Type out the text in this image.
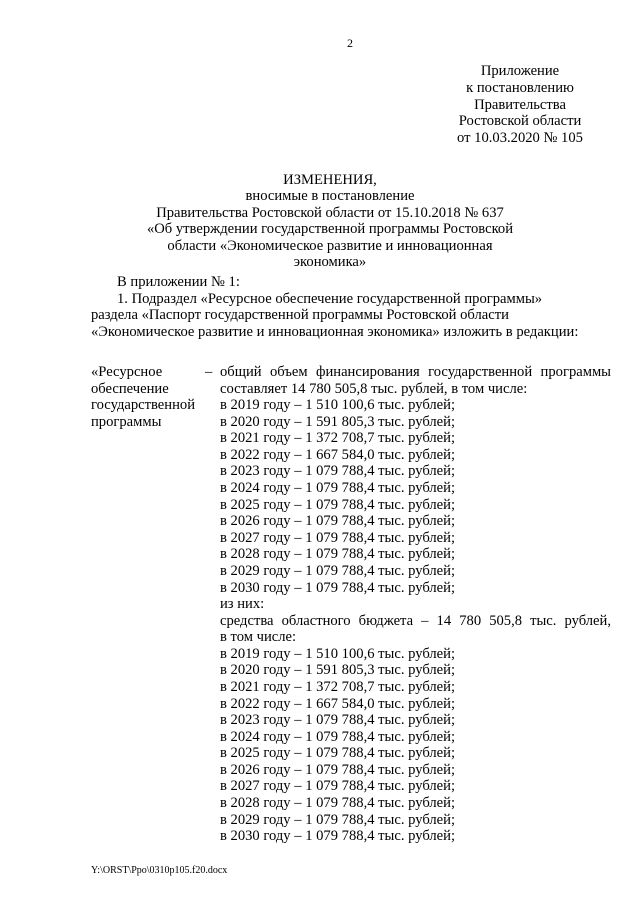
2
Приложение
к постановлению
Правительства
Ростовской области
от 10.03.2020 № 105
ИЗМЕНЕНИЯ,
вносимые в постановление
Правительства Ростовской области от 15.10.2018 № 637
«Об утверждении государственной программы Ростовской
области «Экономическое развитие и инновационная экономика»

В приложении № 1:

1. Подраздел «Ресурсное обеспечение государственной программы»

раздела «Паспорт государственной программы Ростовской области

«Экономическое развитие и инновационная экономика» изложить в редакции:

«Ресурсное
обеспечение
государственной
программы
– общий объем финансирования государственной программы
составляет 14 780 505,8 тыс. рублей, в том числе:
в 2019 году – 1 510 100,6 тыс. рублей;
в 2020 году – 1 591 805,3 тыс. рублей;
в 2021 году – 1 372 708,7 тыс. рублей;
в 2022 году – 1 667 584,0 тыс. рублей;
в 2023 году – 1 079 788,4 тыс. рублей;
в 2024 году – 1 079 788,4 тыс. рублей;
в 2025 году – 1 079 788,4 тыс. рублей;
в 2026 году – 1 079 788,4 тыс. рублей;
в 2027 году – 1 079 788,4 тыс. рублей;
в 2028 году – 1 079 788,4 тыс. рублей;
в 2029 году – 1 079 788,4 тыс. рублей;
в 2030 году – 1 079 788,4 тыс. рублей;
из них:
средства областного бюджета – 14 780 505,8 тыс. рублей,
в том числе:
в 2019 году – 1 510 100,6 тыс. рублей;
в 2020 году – 1 591 805,3 тыс. рублей;
в 2021 году – 1 372 708,7 тыс. рублей;
в 2022 году – 1 667 584,0 тыс. рублей;
в 2023 году – 1 079 788,4 тыс. рублей;
в 2024 году – 1 079 788,4 тыс. рублей;
в 2025 году – 1 079 788,4 тыс. рублей;
в 2026 году – 1 079 788,4 тыс. рублей;
в 2027 году – 1 079 788,4 тыс. рублей;
в 2028 году – 1 079 788,4 тыс. рублей;
в 2029 году – 1 079 788,4 тыс. рублей;
в 2030 году – 1 079 788,4 тыс. рублей;
Y:\ORST\Ppo\0310p105.f20.docx
